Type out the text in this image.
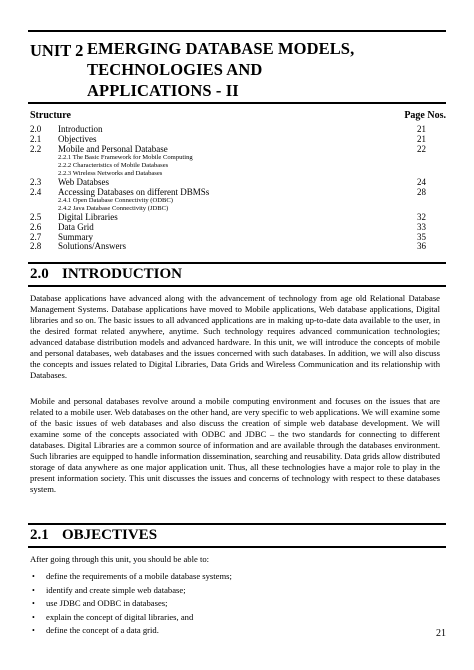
UNIT 2 EMERGING DATABASE MODELS,
TECHNOLOGIES AND
APPLICATIONS - II
Structure	Page Nos.
2.0 Introduction	21
2.1 Objectives	21
2.2 Mobile and Personal Database	22
2.2.1 The Basic Framework for Mobile Computing
2.2.2 Characteristics of Mobile Databases
2.2.3 Wireless Networks and Databases
2.3 Web Databses	24
2.4 Accessing Databases on different DBMSs	28
2.4.1 Open Database Connectivity (ODBC)
2.4.2 Java Database Connectivity (JDBC)
2.5 Digital Libraries	32
2.6 Data Grid	33
2.7 Summary	35
2.8 Solutions/Answers	36
2.0 INTRODUCTION
Database applications have advanced along with the advancement of technology from age old Relational Database Management Systems. Database applications have moved to Mobile applications, Web database applications, Digital libraries and so on. The basic issues to all advanced applications are in making up-to-date data available to the user, in the desired format related anywhere, anytime. Such technology requires advanced communication technologies; advanced database distribution models and advanced hardware. In this unit, we will introduce the concepts of mobile and personal databases, web databases and the issues concerned with such databases. In addition, we will also discuss the concepts and issues related to Digital Libraries, Data Grids and Wireless Communication and its relationship with Databases.
Mobile and personal databases revolve around a mobile computing environment and focuses on the issues that are related to a mobile user. Web databases on the other hand, are very specific to web applications. We will examine some of the basic issues of web databases and also discuss the creation of simple web database development. We will examine some of the concepts associated with ODBC and JDBC – the two standards for connecting to different databases. Digital Libraries are a common source of information and are available through the databases environment. Such libraries are equipped to handle information dissemination, searching and reusability. Data grids allow distributed storage of data anywhere as one major application unit. Thus, all these technologies have a major role to play in the present information society. This unit discusses the issues and concerns of technology with respect to these databases system.
2.1 OBJECTIVES
After going through this unit, you should be able to:
• define the requirements of a mobile database systems;
• identify and create simple web database;
• use JDBC and ODBC in databases;
• explain the concept of digital libraries, and
• define the concept of a data grid.	21
